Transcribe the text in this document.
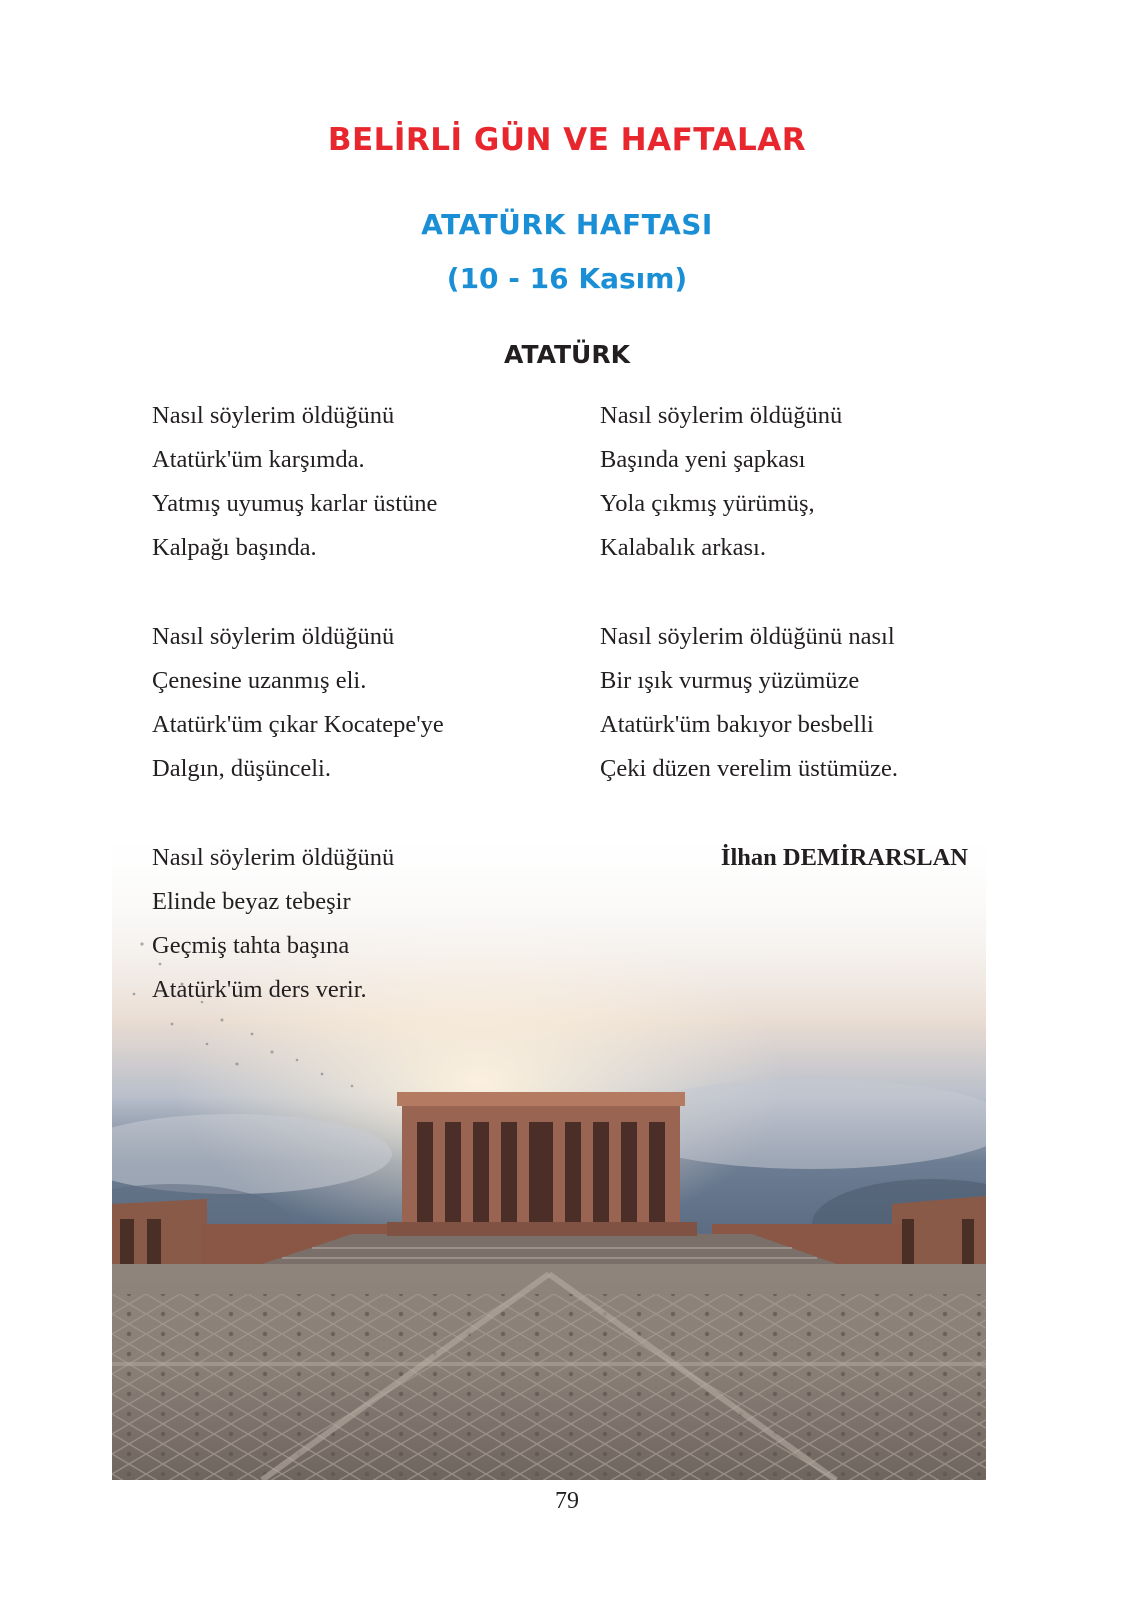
BELİRLİ GÜN VE HAFTALAR
ATATÜRK HAFTASI
(10 - 16 Kasım)
ATATÜRK
Nasıl söylerim öldüğünü
Atatürk'üm karşımda.
Yatmış uyumuş karlar üstüne
Kalpağı başında.
Nasıl söylerim öldüğünü
Çenesine uzanmış eli.
Atatürk'üm çıkar Kocatepe'ye
Dalgın, düşünceli.
Nasıl söylerim öldüğünü
Elinde beyaz tebeşir
Geçmiş tahta başına
Atatürk'üm ders verir.
Nasıl söylerim öldüğünü
Başında yeni şapkası
Yola çıkmış yürümüş,
Kalabalık arkası.
Nasıl söylerim öldüğünü nasıl
Bir ışık vurmuş yüzümüze
Atatürk'üm bakıyor besbelli
Çeki düzen verelim üstümüze.
İlhan DEMİRARSLAN
79
